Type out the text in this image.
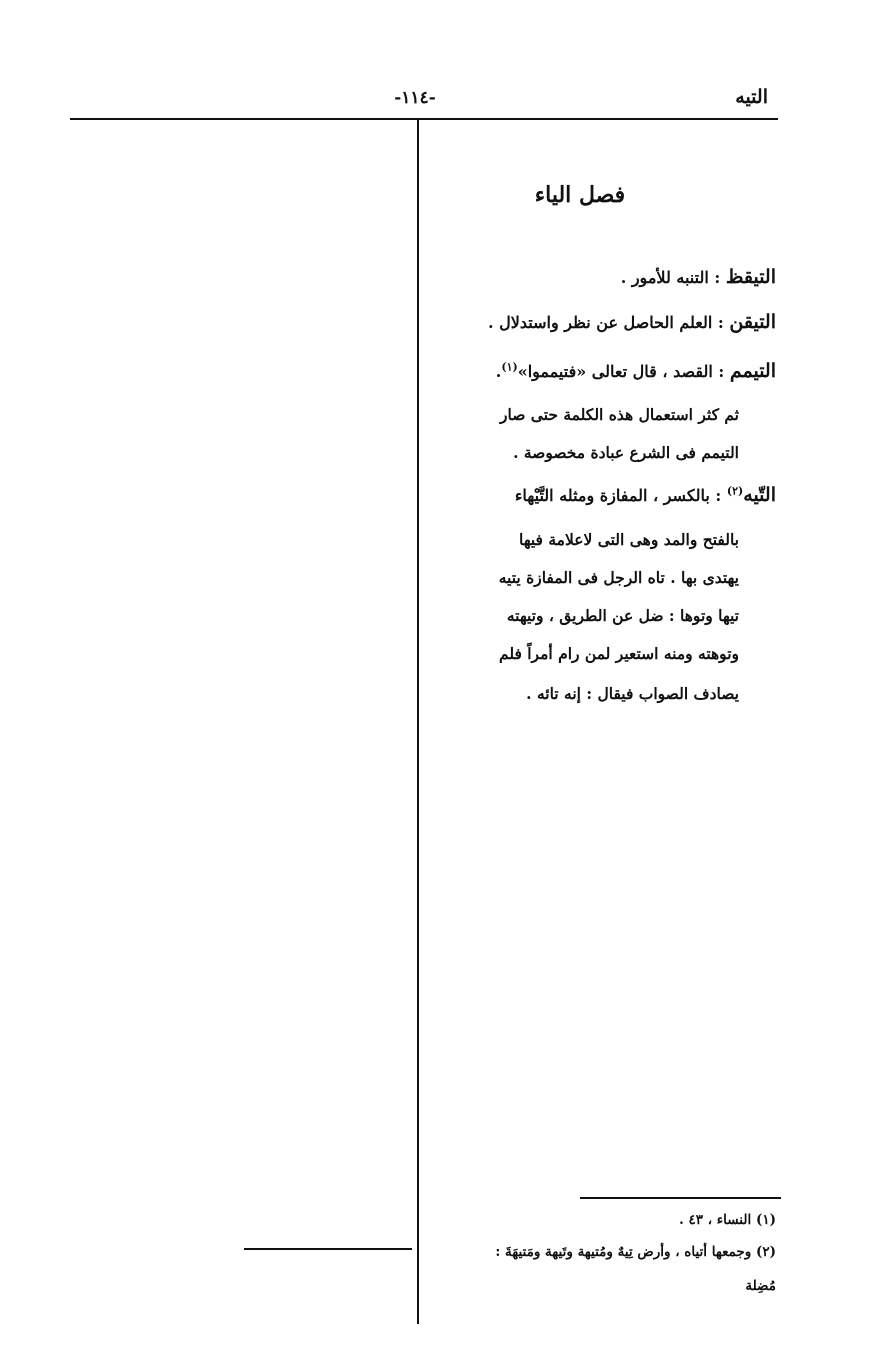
التيه
-١١٤-
فصل الياء
التيقظ : التنبه للأمور .
التيقن : العلم الحاصل عن نظر واستدلال .
التيمم : القصد ، قال تعالى «فتيمموا»$^{(١)}$.
ثم كثر استعمال هذه الكلمة حتى صار
التيمم فى الشرع عبادة مخصوصة .
التّيه$^{(٢)}$ : بالكسر ، المفازة ومثله التَّيْهاء
بالفتح والمد وهى التى لاعلامة فيها
يهتدى بها . تاه الرجل فى المفازة يتيه
تيها وتوها : ضل عن الطريق ، وتيهته
وتوهته ومنه استعير لمن رام أمراً فلم
يصادف الصواب فيقال : إنه تائه .
(١) النساء ، ٤٣ .
(٢) وجمعها أتياه ، وأرض تِيهٌ ومُتيهة وتَيهة ومَتيهَةَ :
مُضِلة
